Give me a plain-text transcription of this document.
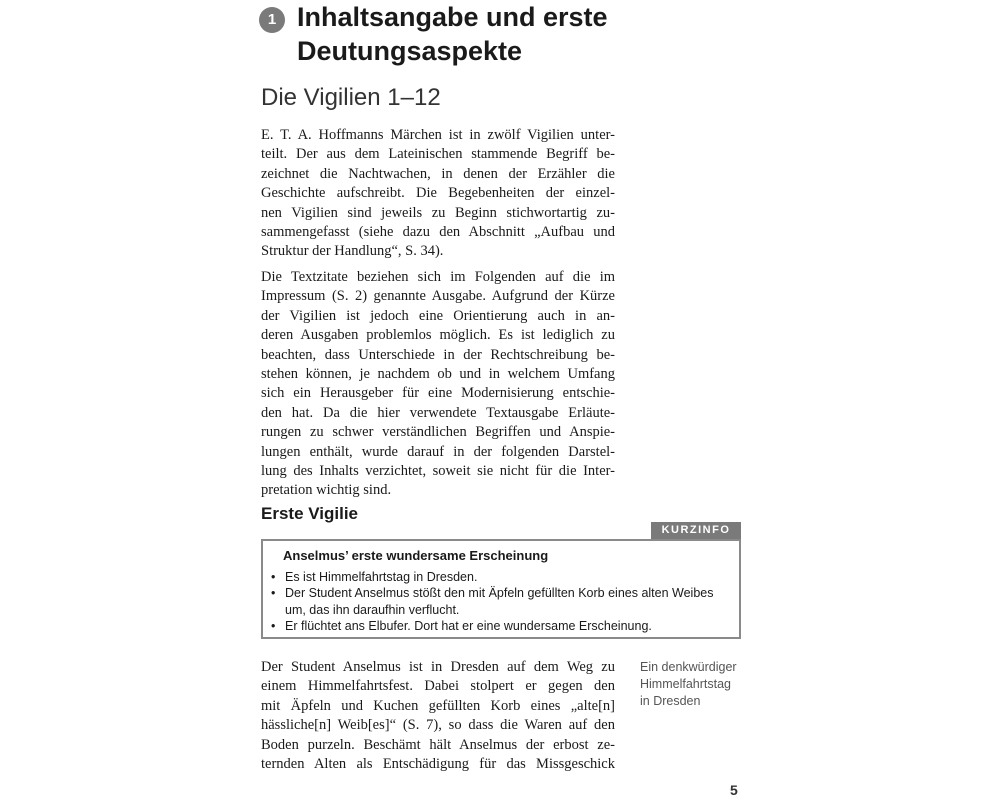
1 Inhaltsangabe und erste
Deutungsaspekte
Die Vigilien 1–12

E. T. A. Hoffmanns Märchen ist in zwölf Vigilien unter-
teilt. Der aus dem Lateinischen stammende Begriff be-
zeichnet die Nachtwachen, in denen der Erzähler die
Geschichte aufschreibt. Die Begebenheiten der einzel-
nen Vigilien sind jeweils zu Beginn stichwortartig zu-
sammengefasst (siehe dazu den Abschnitt „Aufbau und
Struktur der Handlung“, S. 34).

Die Textzitate beziehen sich im Folgenden auf die im
Impressum (S. 2) genannte Ausgabe. Aufgrund der Kürze
der Vigilien ist jedoch eine Orientierung auch in an-
deren Ausgaben problemlos möglich. Es ist lediglich zu
beachten, dass Unterschiede in der Rechtschreibung be-
stehen können, je nachdem ob und in welchem Umfang
sich ein Herausgeber für eine Modernisierung entschie-
den hat. Da die hier verwendete Textausgabe Erläute-
rungen zu schwer verständlichen Begriffen und Anspie-
lungen enthält, wurde darauf in der folgenden Darstel-
lung des Inhalts verzichtet, soweit sie nicht für die Inter-
pretation wichtig sind.

Erste Vigilie
KURZINFO
Anselmus’ erste wundersame Erscheinung
• Es ist Himmelfahrtstag in Dresden.
• Der Student Anselmus stößt den mit Äpfeln gefüllten Korb eines alten Weibes um, das ihn daraufhin verflucht.
• Er flüchtet ans Elbufer. Dort hat er eine wundersame Erscheinung.

Der Student Anselmus ist in Dresden auf dem Weg zu
einem Himmelfahrtsfest. Dabei stolpert er gegen den
mit Äpfeln und Kuchen gefüllten Korb eines „alte[n]
hässliche[n] Weib[es]“ (S. 7), so dass die Waren auf den
Boden purzeln. Beschämt hält Anselmus der erbost ze-
ternden Alten als Entschädigung für das Missgeschick

Ein denkwürdiger
Himmelfahrtstag
in Dresden
5
